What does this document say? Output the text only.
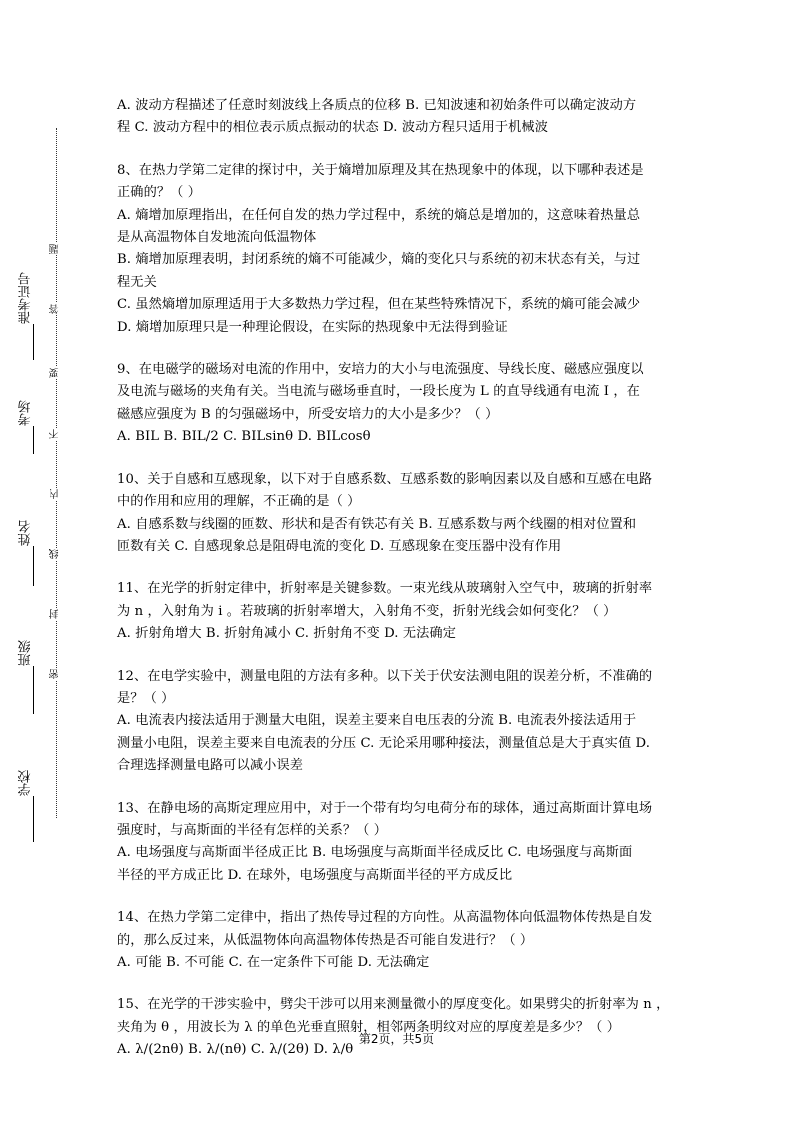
准考证号
考场
姓名
班级
学校
题
答
要
不
内
线
封
密
A. 波动方程描述了任意时刻波线上各质点的位移 B. 已知波速和初始条件可以确定波动方
程 C. 波动方程中的相位表示质点振动的状态 D. 波动方程只适用于机械波
8、在热力学第二定律的探讨中，关于熵增加原理及其在热现象中的体现，以下哪种表述是
正确的？（ ）
A. 熵增加原理指出，在任何自发的热力学过程中，系统的熵总是增加的，这意味着热量总
是从高温物体自发地流向低温物体
B. 熵增加原理表明，封闭系统的熵不可能减少，熵的变化只与系统的初末状态有关，与过
程无关
C. 虽然熵增加原理适用于大多数热力学过程，但在某些特殊情况下，系统的熵可能会减少
D. 熵增加原理只是一种理论假设，在实际的热现象中无法得到验证
9、在电磁学的磁场对电流的作用中，安培力的大小与电流强度、导线长度、磁感应强度以
及电流与磁场的夹角有关。当电流与磁场垂直时，一段长度为 L 的直导线通有电流 I ，在
磁感应强度为 B 的匀强磁场中，所受安培力的大小是多少？（ ）
A. BIL B. BIL/2 C. BILsinθ D. BILcosθ
10、关于自感和互感现象，以下对于自感系数、互感系数的影响因素以及自感和互感在电路
中的作用和应用的理解，不正确的是（ ）
A. 自感系数与线圈的匝数、形状和是否有铁芯有关 B. 互感系数与两个线圈的相对位置和
匝数有关 C. 自感现象总是阻碍电流的变化 D. 互感现象在变压器中没有作用
11、在光学的折射定律中，折射率是关键参数。一束光线从玻璃射入空气中，玻璃的折射率
为 n ，入射角为 i 。若玻璃的折射率增大，入射角不变，折射光线会如何变化？（ ）
A. 折射角增大 B. 折射角减小 C. 折射角不变 D. 无法确定
12、在电学实验中，测量电阻的方法有多种。以下关于伏安法测电阻的误差分析，不准确的
是？（ ）
A. 电流表内接法适用于测量大电阻，误差主要来自电压表的分流 B. 电流表外接法适用于
测量小电阻，误差主要来自电流表的分压 C. 无论采用哪种接法，测量值总是大于真实值 D.
合理选择测量电路可以减小误差
13、在静电场的高斯定理应用中，对于一个带有均匀电荷分布的球体，通过高斯面计算电场
强度时，与高斯面的半径有怎样的关系？（ ）
A. 电场强度与高斯面半径成正比 B. 电场强度与高斯面半径成反比 C. 电场强度与高斯面
半径的平方成正比 D. 在球外，电场强度与高斯面半径的平方成反比
14、在热力学第二定律中，指出了热传导过程的方向性。从高温物体向低温物体传热是自发
的，那么反过来，从低温物体向高温物体传热是否可能自发进行？（ ）
A. 可能 B. 不可能 C. 在一定条件下可能 D. 无法确定
15、在光学的干涉实验中，劈尖干涉可以用来测量微小的厚度变化。如果劈尖的折射率为 n ，
夹角为 θ ，用波长为 λ 的单色光垂直照射，相邻两条明纹对应的厚度差是多少？（ ）
A. λ/(2nθ) B. λ/(nθ) C. λ/(2θ) D. λ/θ
第2页，共5页
